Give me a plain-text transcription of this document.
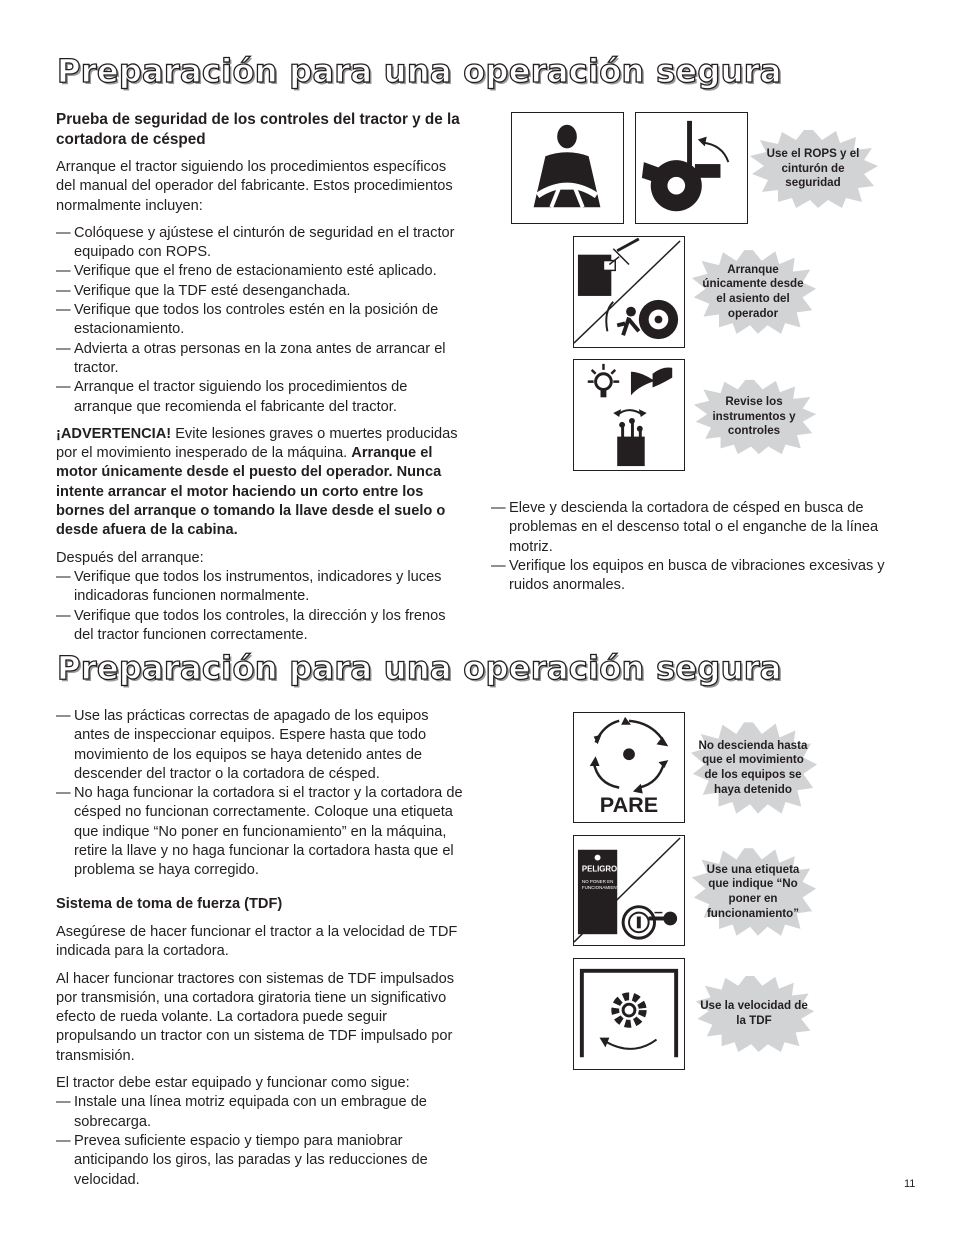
Preparación para una operación segura
Preparación para una operación segura
Prueba de seguridad de los controles del tractor y de la cortadora de césped

Arranque el tractor siguiendo los procedimientos específicos del manual del operador del fabricante. Estos procedimientos normalmente incluyen:

— Colóquese y ajústese el cinturón de seguridad en el tractor equipado con ROPS.
— Verifique que el freno de estacionamiento esté aplicado.
— Verifique que la TDF esté desenganchada.
— Verifique que todos los controles estén en la posición de estacionamiento.
— Advierta a otras personas en la zona antes de arrancar el tractor.
— Arranque el tractor siguiendo los procedimientos de arranque que recomienda el fabricante del tractor.

¡ADVERTENCIA! Evite lesiones graves o muertes producidas por el movimiento inesperado de la máquina. Arranque el motor únicamente desde el puesto del operador. Nunca intente arrancar el motor haciendo un corto entre los bornes del arranque o tomando la llave desde el suelo o desde afuera de la cabina.

Después del arranque:

— Verifique que todos los instrumentos, indicadores y luces indicadoras funcionen normalmente.
— Verifique que todos los controles, la dirección y los frenos del tractor funcionen correctamente.
— Eleve y descienda la cortadora de césped en busca de problemas en el descenso total o el enganche de la línea motriz.
— Verifique los equipos en busca de vibraciones excesivas y ruidos anormales.
— Use las prácticas correctas de apagado de los equipos antes de inspeccionar equipos. Espere hasta que todo movimiento de los equipos se haya detenido antes de descender del tractor o la cortadora de césped.
— No haga funcionar la cortadora si el tractor y la cortadora de césped no funcionan correctamente. Coloque una etiqueta que indique “No poner en funcionamiento” en la máquina, retire la llave y no haga funcionar la cortadora hasta que el problema se haya corregido.
Sistema de toma de fuerza (TDF)

Asegúrese de hacer funcionar el tractor a la velocidad de TDF indicada para la cortadora.

Al hacer funcionar tractores con sistemas de TDF impulsados por transmisión, una cortadora giratoria tiene un significativo efecto de rueda volante. La cortadora puede seguir propulsando un tractor con un sistema de TDF impulsado por transmisión.

El tractor debe estar equipado y funcionar como sigue:

— Instale una línea motriz equipada con un embrague de sobrecarga.
— Prevea suficiente espacio y tiempo para maniobrar anticipando los giros, las paradas y las reducciones de velocidad.
PARE
PELIGRO
NO PONER EN
FUNCIONAMIENTO
Use el ROPS y el cinturón de seguridad
Arranque únicamente desde el asiento del operador
Revise los instrumentos y controles
No descienda hasta que el movimiento de los equipos se haya detenido
Use una etiqueta que indique “No poner en funcionamiento”
Use la velocidad de la TDF
11
